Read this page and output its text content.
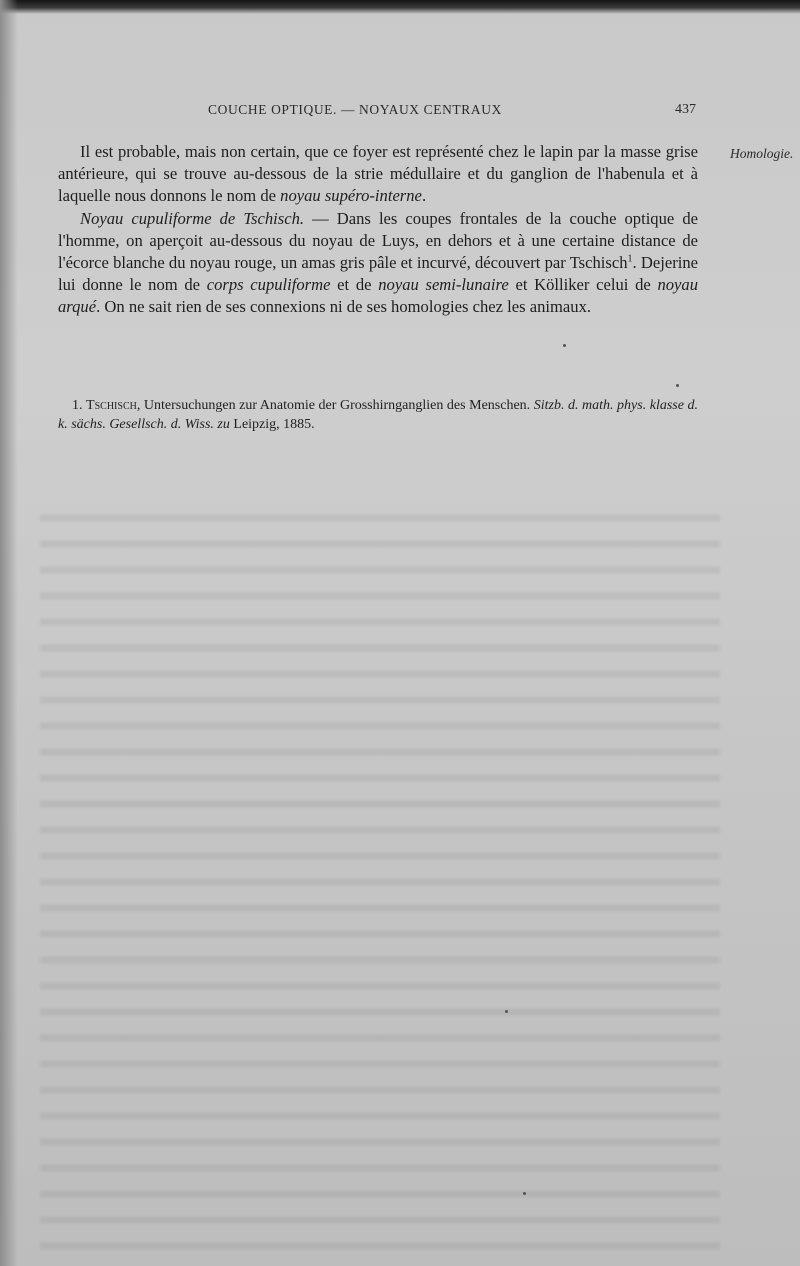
COUCHE OPTIQUE. — NOYAUX CENTRAUX	437
Homologie.

Il est probable, mais non certain, que ce foyer est représenté chez le lapin par la masse grise antérieure, qui se trouve au-dessous de la strie médullaire et du ganglion de l'habenula et à laquelle nous donnons le nom de noyau supéro-interne.

Noyau cupuliforme de Tschisch. — Dans les coupes frontales de la couche optique de l'homme, on aperçoit au-dessous du noyau de Luys, en dehors et à une certaine distance de l'écorce blanche du noyau rouge, un amas gris pâle et incurvé, découvert par Tschisch$^1$. Dejerine lui donne le nom de corps cupuliforme et de noyau semi-lunaire et Kölliker celui de noyau arqué. On ne sait rien de ses connexions ni de ses homologies chez les animaux.

1. Tschisch, Untersuchungen zur Anatomie der Grosshirnganglien des Menschen. Sitzb. d. math. phys. klasse d. k. sächs. Gesellsch. d. Wiss. zu Leipzig, 1885.
